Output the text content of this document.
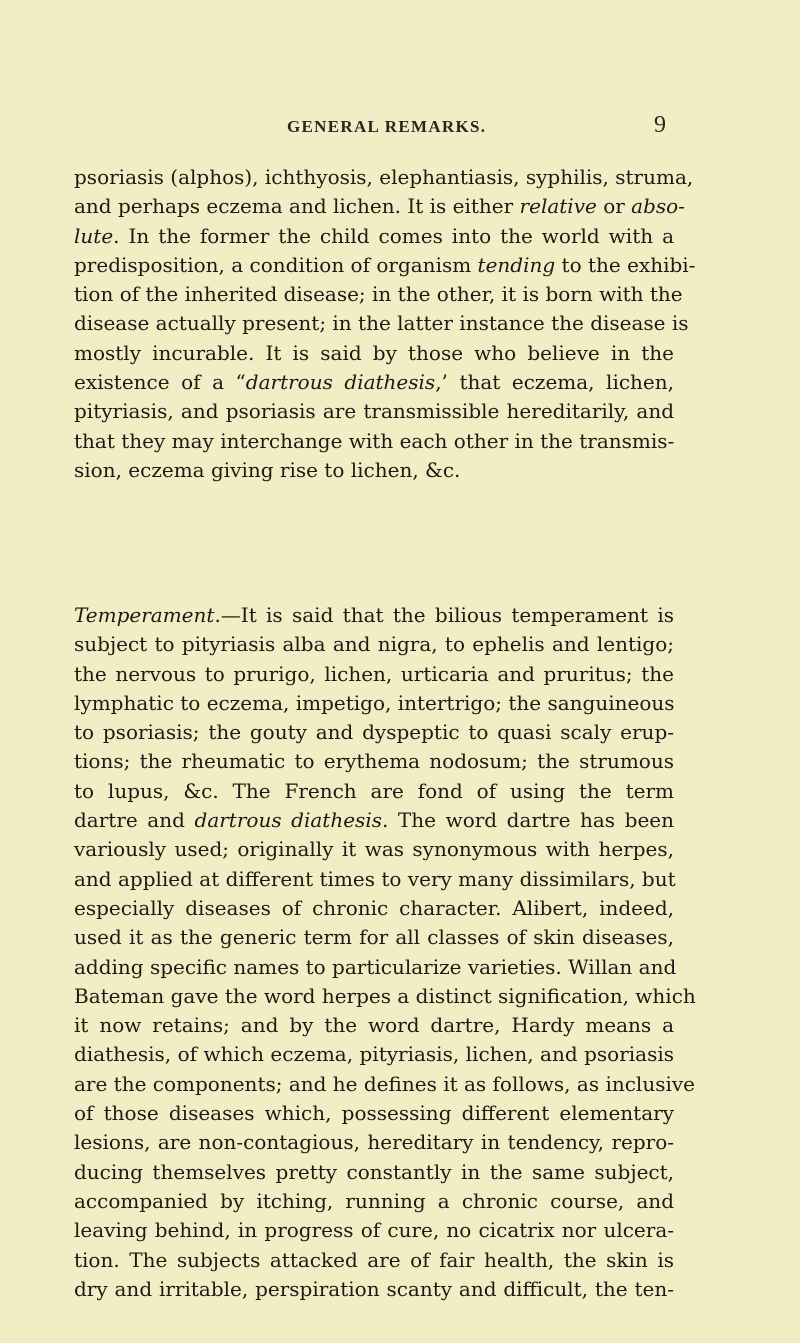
GENERAL REMARKS.	9
psoriasis (alphos), ichthyosis, elephantiasis, syphilis, struma,
and perhaps eczema and lichen. It is either relative or abso-
lute. In the former the child comes into the world with a
predisposition, a condition of organism tending to the exhibi-
tion of the inherited disease; in the other, it is born with the
disease actually present; in the latter instance the disease is
mostly incurable. It is said by those who believe in the
existence of a “dartrous diathesis,’ that eczema, lichen,
pityriasis, and psoriasis are transmissible hereditarily, and
that they may interchange with each other in the transmis-
sion, eczema giving rise to lichen, &c.
Temperament.—It is said that the bilious temperament is
subject to pityriasis alba and nigra, to ephelis and lentigo;
the nervous to prurigo, lichen, urticaria and pruritus; the
lymphatic to eczema, impetigo, intertrigo; the sanguineous
to psoriasis; the gouty and dyspeptic to quasi scaly erup-
tions; the rheumatic to erythema nodosum; the strumous
to lupus, &c. The French are fond of using the term
dartre and dartrous diathesis. The word dartre has been
variously used; originally it was synonymous with herpes,
and applied at different times to very many dissimilars, but
especially diseases of chronic character. Alibert, indeed,
used it as the generic term for all classes of skin diseases,
adding specific names to particularize varieties. Willan and
Bateman gave the word herpes a distinct signification, which
it now retains; and by the word dartre, Hardy means a
diathesis, of which eczema, pityriasis, lichen, and psoriasis
are the components; and he defines it as follows, as inclusive
of those diseases which, possessing different elementary
lesions, are non-contagious, hereditary in tendency, repro-
ducing themselves pretty constantly in the same subject,
accompanied by itching, running a chronic course, and
leaving behind, in progress of cure, no cicatrix nor ulcera-
tion. The subjects attacked are of fair health, the skin is
dry and irritable, perspiration scanty and difficult, the ten-
